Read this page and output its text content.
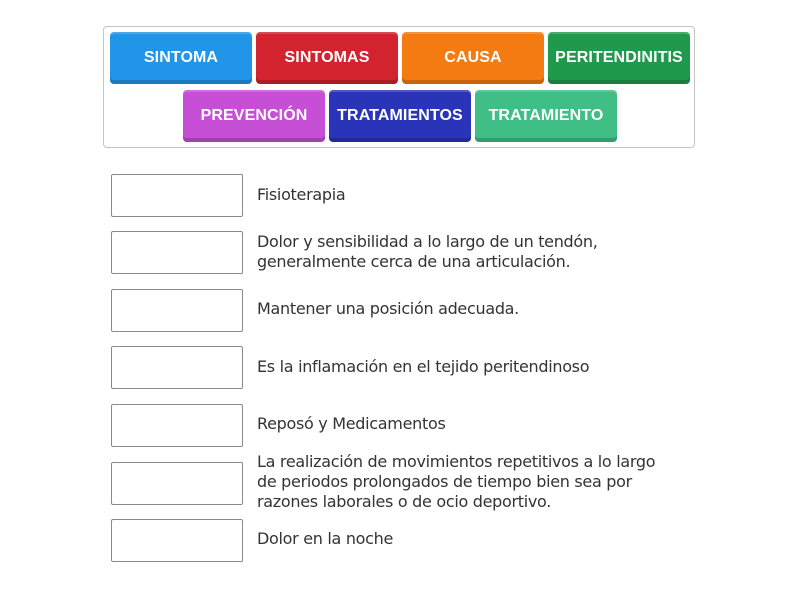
SINTOMA	SINTOMAS	CAUSA	PERITENDINITIS
PREVENCIÓN	TRATAMIENTOS	TRATAMIENTO
Fisioterapia
Dolor y sensibilidad a lo largo de un tendón, generalmente cerca de una articulación.
Mantener una posición adecuada.
Es la inflamación en el tejido peritendinoso
Reposó y Medicamentos
La realización de movimientos repetitivos a lo largo de periodos prolongados de tiempo bien sea por razones laborales o de ocio deportivo.
Dolor en la noche
